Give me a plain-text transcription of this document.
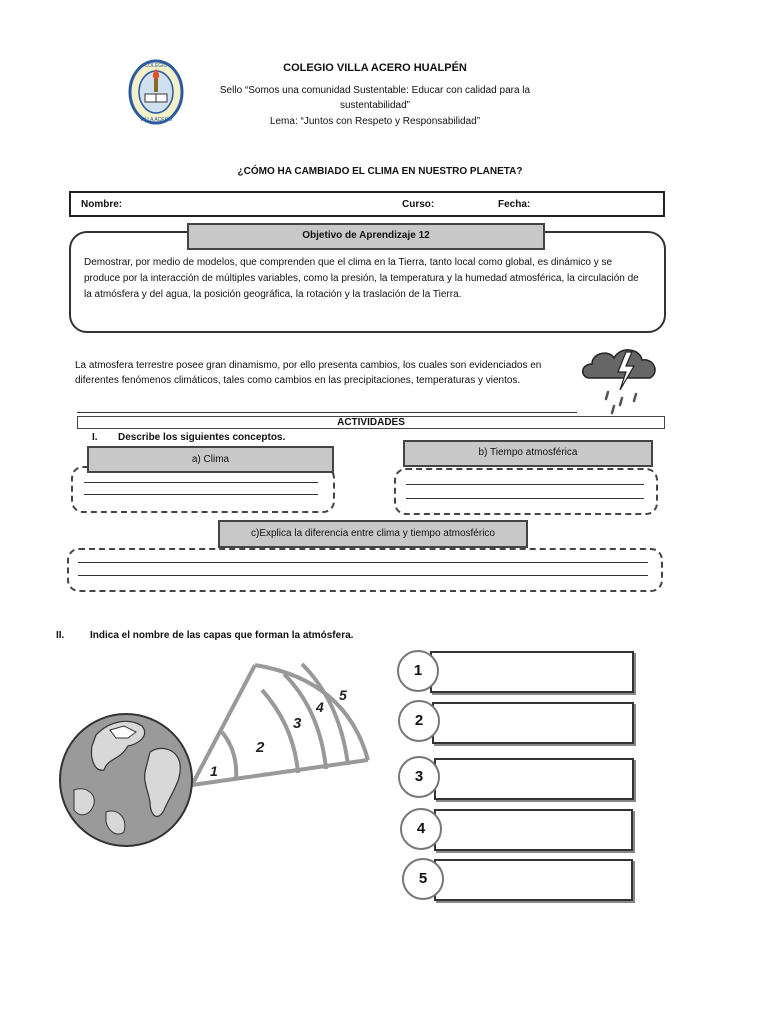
COLEGIO
VILLA ACERO
COLEGIO VILLA ACERO HUALPÉN
Sello “Somos una comunidad Sustentable: Educar con calidad para la
sustentabilidad”
Lema: “Juntos con Respeto y Responsabilidad”
¿CÓMO HA CAMBIADO EL CLIMA EN NUESTRO PLANETA?
Nombre:	Curso:	Fecha:
Objetivo de Aprendizaje 12
Demostrar, por medio de modelos, que comprenden que el clima en la Tierra, tanto local como global, es dinámico y se produce por la interacción de múltiples variables, como la presión, la temperatura y la humedad atmosférica, la circulación de la atmósfera y del agua, la posición geográfica, la rotación y la traslación de la Tierra.
La atmosfera terrestre posee gran dinamismo, por ello presenta cambios, los cuales son evidenciados en diferentes fenómenos climáticos, tales como cambios en las precipitaciones, temperaturas y vientos.
ACTIVIDADES
I. Describe los siguientes conceptos.
a) Clima
b) Tiempo atmosférica
c)Explica la diferencia entre clima y tiempo atmosférico
II.	Indica el nombre de las capas que forman la atmósfera.
1
2
3
4
5
1
2
3
4
5
